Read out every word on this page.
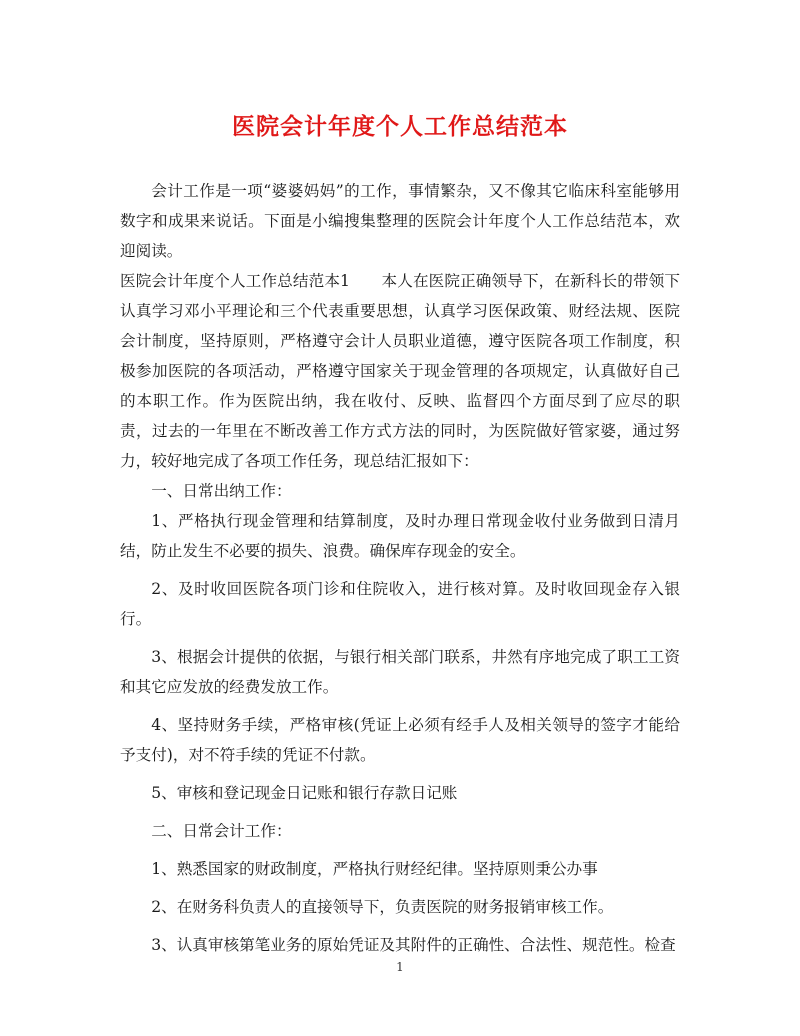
医院会计年度个人工作总结范本

会计工作是一项“婆婆妈妈”的工作，事情繁杂，又不像其它临床科室能够用数字和成果来说话。下面是小编搜集整理的医院会计年度个人工作总结范本，欢迎阅读。

医院会计年度个人工作总结范本1　　本人在医院正确领导下，在新科长的带领下认真学习邓小平理论和三个代表重要思想，认真学习医保政策、财经法规、医院会计制度，坚持原则，严格遵守会计人员职业道德，遵守医院各项工作制度，积极参加医院的各项活动，严格遵守国家关于现金管理的各项规定，认真做好自己的本职工作。作为医院出纳，我在收付、反映、监督四个方面尽到了应尽的职责，过去的一年里在不断改善工作方式方法的同时，为医院做好管家婆，通过努力，较好地完成了各项工作任务，现总结汇报如下：

一、日常出纳工作：

1、严格执行现金管理和结算制度，及时办理日常现金收付业务做到日清月结，防止发生不必要的损失、浪费。确保库存现金的安全。

2、及时收回医院各项门诊和住院收入，进行核对算。及时收回现金存入银行。

3、根据会计提供的依据，与银行相关部门联系，井然有序地完成了职工工资和其它应发放的经费发放工作。

4、坚持财务手续，严格审核(凭证上必须有经手人及相关领导的签字才能给予支付)，对不符手续的凭证不付款。

5、审核和登记现金日记账和银行存款日记账

二、日常会计工作：

1、熟悉国家的财政制度，严格执行财经纪律。坚持原则秉公办事

2、在财务科负责人的直接领导下，负责医院的财务报销审核工作。

3、认真审核第笔业务的原始凭证及其附件的正确性、合法性、规范性。检查

1
